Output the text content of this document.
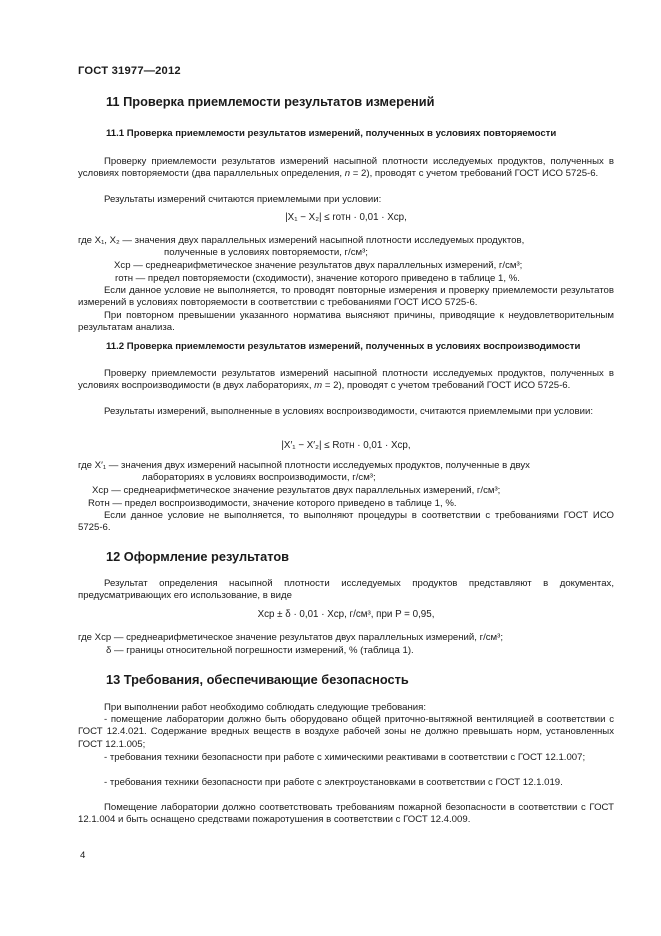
ГОСТ 31977—2012
11 Проверка приемлемости результатов измерений
11.1 Проверка приемлемости результатов измерений, полученных в условиях повторяемости
Проверку приемлемости результатов измерений насыпной плотности исследуемых продуктов, полученных в условиях повторяемости (два параллельных определения, n = 2), проводят с учетом требований ГОСТ ИСО 5725-6.
Результаты измерений считаются приемлемыми при условии:
|X₁ − X₂| ≤ rотн · 0,01 · Xср,
где X₁, X₂ — значения двух параллельных измерений насыпной плотности исследуемых продуктов,
полученные в условиях повторяемости, г/см³;
Xср — среднеарифметическое значение результатов двух параллельных измерений, г/см³;
rотн — предел повторяемости (сходимости), значение которого приведено в таблице 1, %.
Если данное условие не выполняется, то проводят повторные измерения и проверку приемлемости результатов измерений в условиях повторяемости в соответствии с требованиями ГОСТ ИСО 5725-6.
При повторном превышении указанного норматива выясняют причины, приводящие к неудовлетворительным результатам анализа.
11.2 Проверка приемлемости результатов измерений, полученных в условиях воспроизводимости
Проверку приемлемости результатов измерений насыпной плотности исследуемых продуктов, полученных в условиях воспроизводимости (в двух лабораториях, m = 2), проводят с учетом требований ГОСТ ИСО 5725-6.
Результаты измерений, выполненные в условиях воспроизводимости, считаются приемлемыми при условии:
|X′₁ − X′₂| ≤ Rотн · 0,01 · Xср,
где X′₁ — значения двух измерений насыпной плотности исследуемых продуктов, полученные в двух
лабораториях в условиях воспроизводимости, г/см³;
Xср — среднеарифметическое значение результатов двух параллельных измерений, г/см³;
Rотн — предел воспроизводимости, значение которого приведено в таблице 1, %.
Если данное условие не выполняется, то выполняют процедуры в соответствии с требованиями ГОСТ ИСО 5725-6.
12 Оформление результатов
Результат определения насыпной плотности исследуемых продуктов представляют в документах, предусматривающих его использование, в виде
Xср ± δ · 0,01 · Xср, г/см³, при P = 0,95,
где Xср — среднеарифметическое значение результатов двух параллельных измерений, г/см³;
δ — границы относительной погрешности измерений, % (таблица 1).
13 Требования, обеспечивающие безопасность
При выполнении работ необходимо соблюдать следующие требования:
- помещение лаборатории должно быть оборудовано общей приточно-вытяжной вентиляцией в соответствии с ГОСТ 12.4.021. Содержание вредных веществ в воздухе рабочей зоны не должно превышать норм, установленных ГОСТ 12.1.005;
- требования техники безопасности при работе с химическими реактивами в соответствии с ГОСТ 12.1.007;
- требования техники безопасности при работе с электроустановками в соответствии с ГОСТ 12.1.019.
Помещение лаборатории должно соответствовать требованиям пожарной безопасности в соответствии с ГОСТ 12.1.004 и быть оснащено средствами пожаротушения в соответствии с ГОСТ 12.4.009.
4
